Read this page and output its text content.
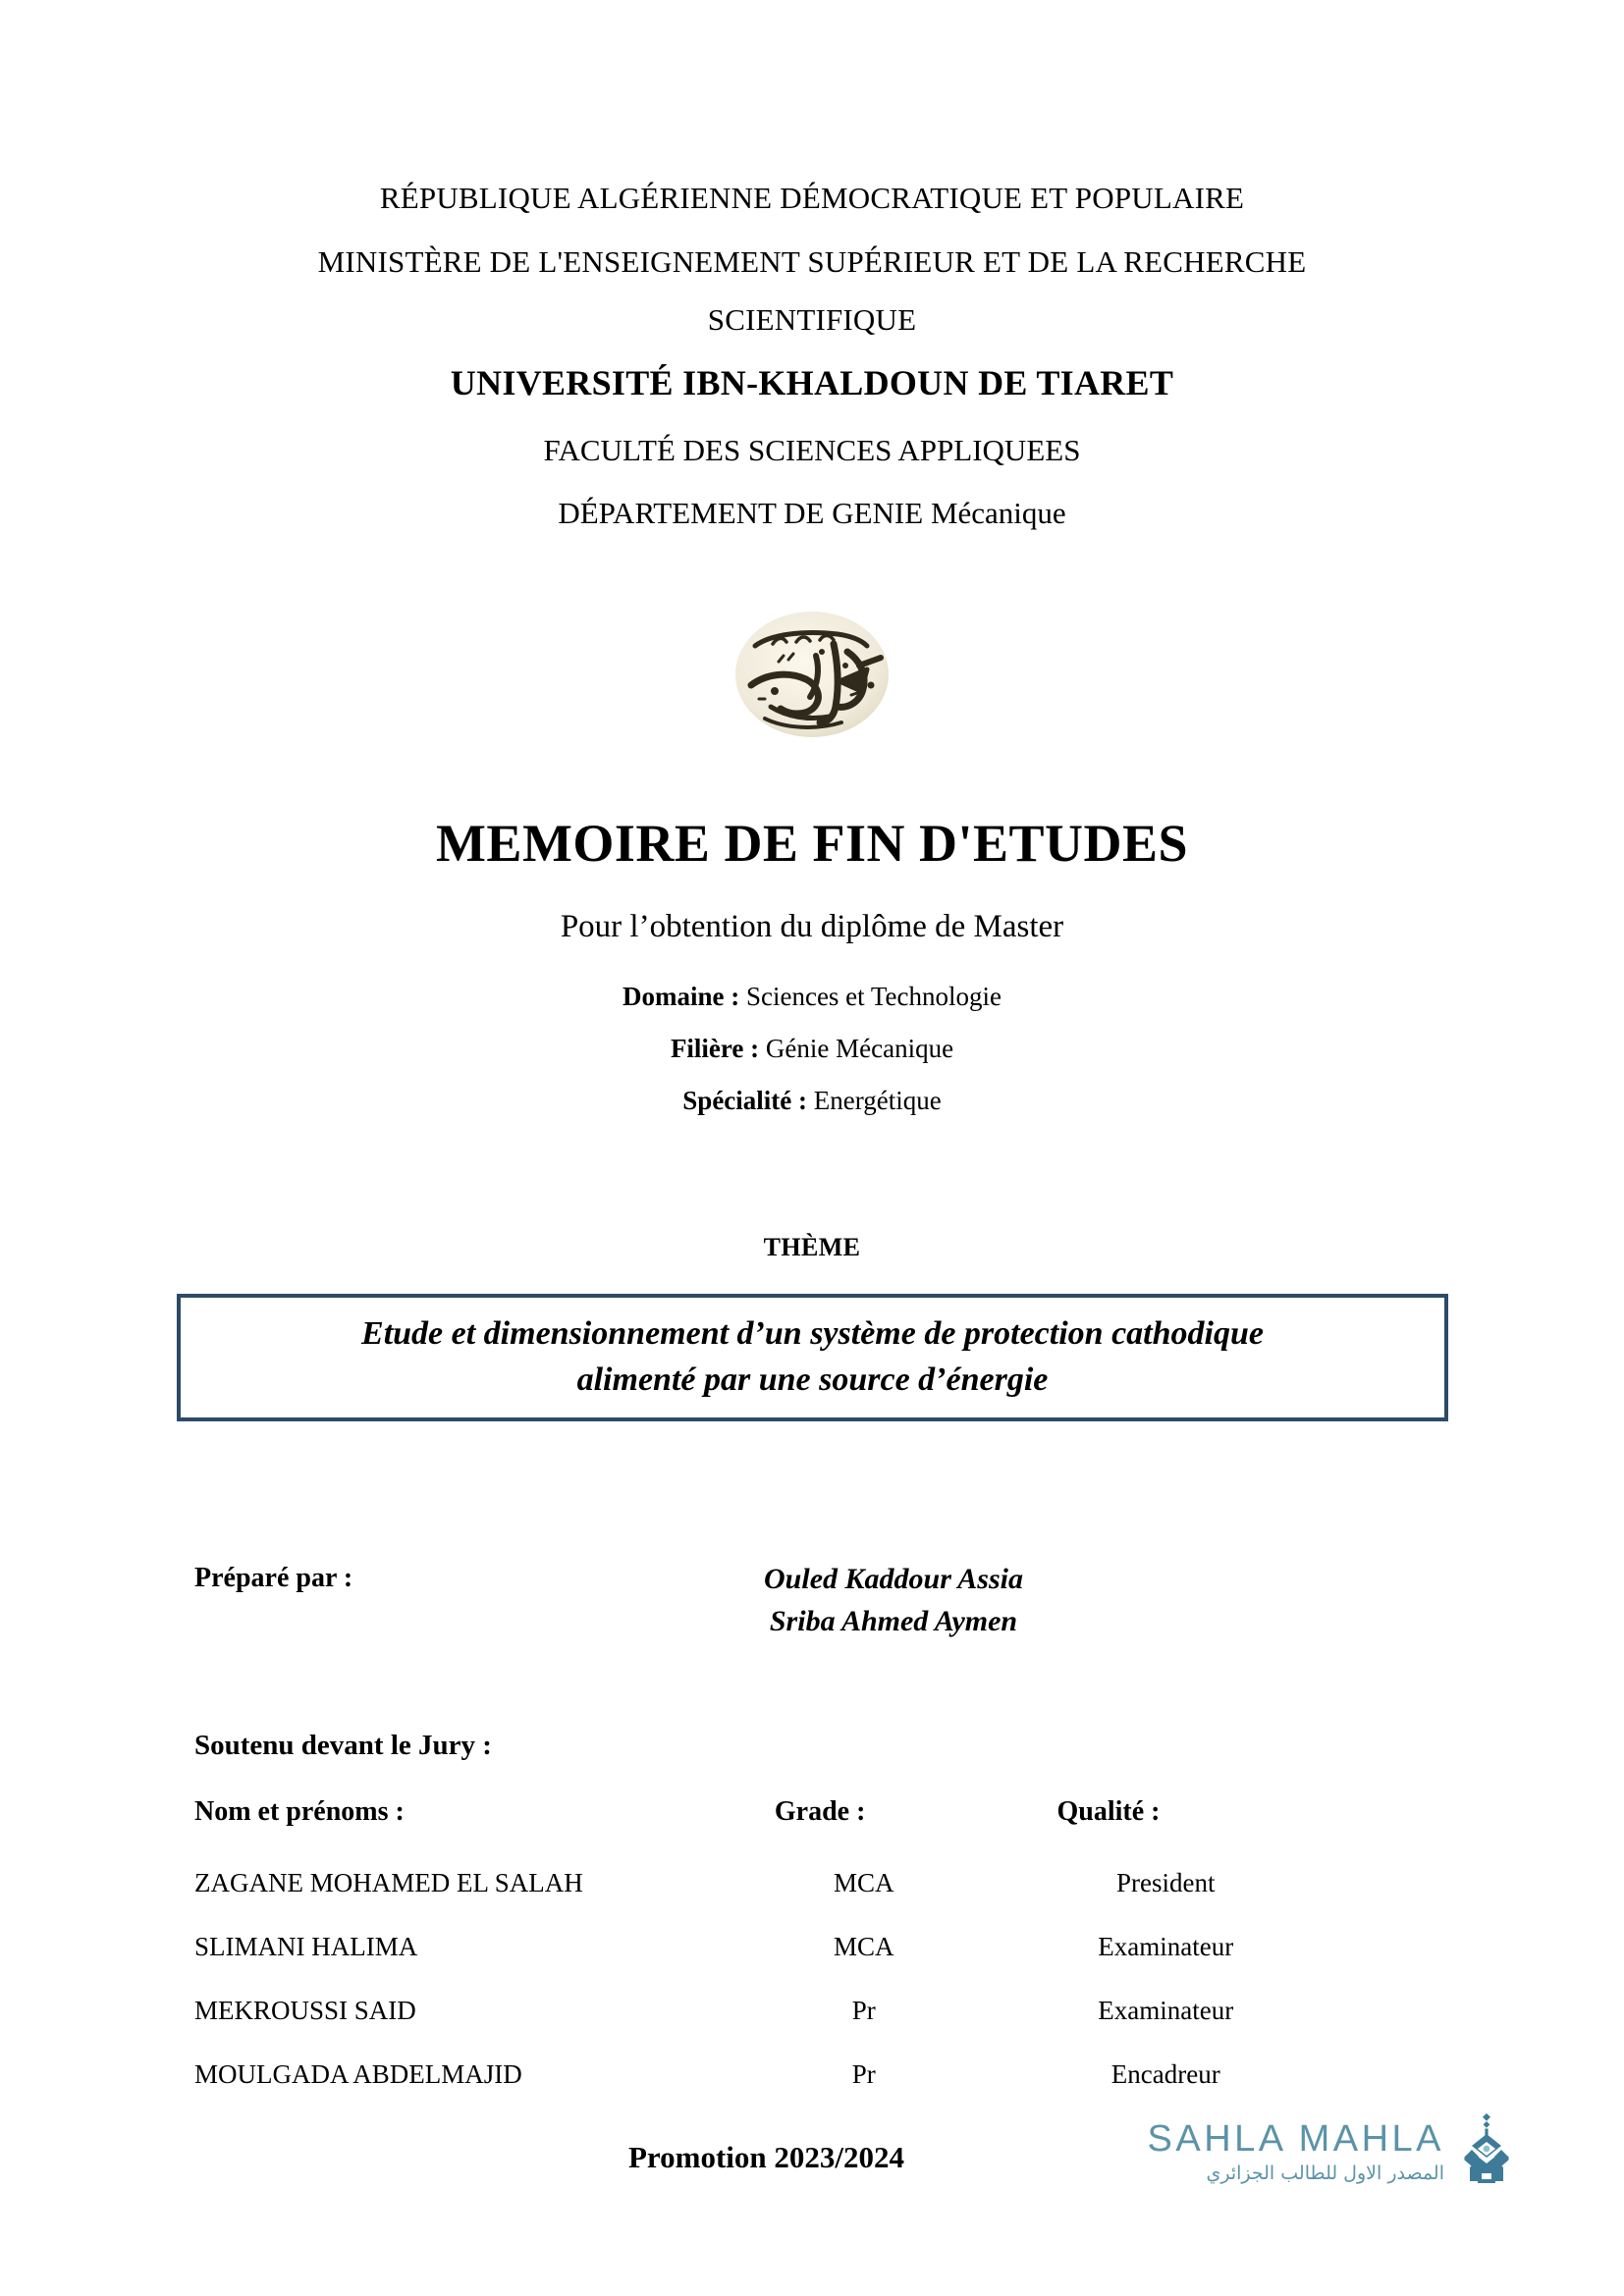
RÉPUBLIQUE ALGÉRIENNE DÉMOCRATIQUE ET POPULAIRE
MINISTÈRE DE L'ENSEIGNEMENT SUPÉRIEUR ET DE LA RECHERCHE
SCIENTIFIQUE
UNIVERSITÉ IBN-KHALDOUN DE TIARET
FACULTÉ DES SCIENCES APPLIQUEES
DÉPARTEMENT DE GENIE Mécanique
MEMOIRE DE FIN D'ETUDES
Pour l’obtention du diplôme de Master
Domaine : Sciences et Technologie
Filière : Génie Mécanique
Spécialité : Energétique
THÈME
Etude et dimensionnement d’un système de protection cathodique
alimenté par une source d’énergie
Préparé par :	Ouled Kaddour Assia
Sriba Ahmed Aymen
Soutenu devant le Jury :
Nom et prénoms :	Grade :	Qualité :
ZAGANE MOHAMED EL SALAH	MCA	President
SLIMANI HALIMA	MCA	Examinateur
MEKROUSSI SAID	Pr	Examinateur
MOULGADA ABDELMAJID	Pr	Encadreur
Promotion 2023/2024	SAHLA MAHLA
المصدر الاول للطالب الجزائري
